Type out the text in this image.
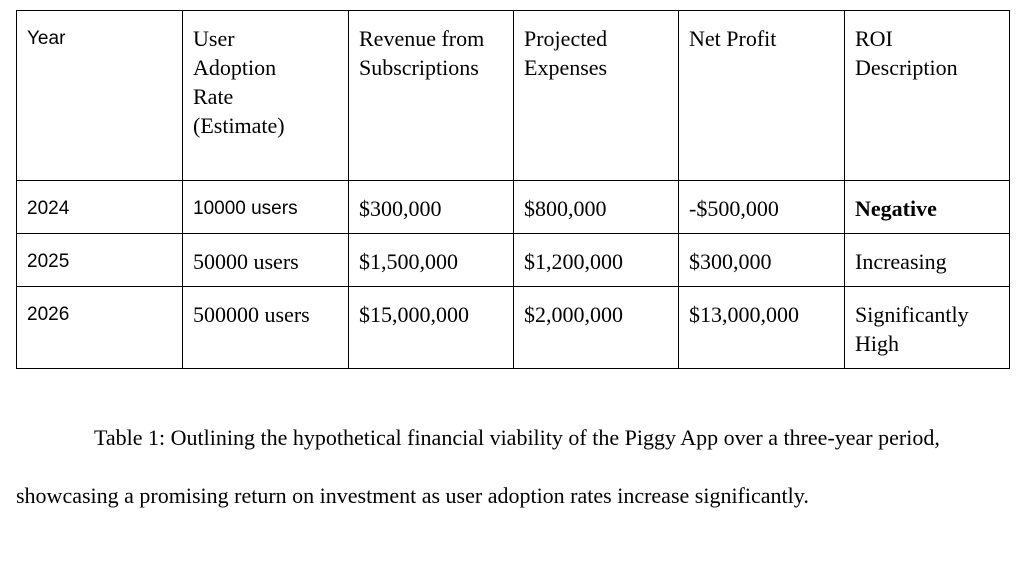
Year	User Adoption Rate (Estimate)	Revenue from Subscriptions	Projected Expenses	Net Profit	ROI Description
2024	10000 users	$300,000	$800,000	-$500,000	Negative
2025	50000 users	$1,500,000	$1,200,000	$300,000	Increasing
2026	500000 users	$15,000,000	$2,000,000	$13,000,000	Significantly High

Table 1: Outlining the hypothetical financial viability of the Piggy App over a three-year period, showcasing a promising return on investment as user adoption rates increase significantly.
